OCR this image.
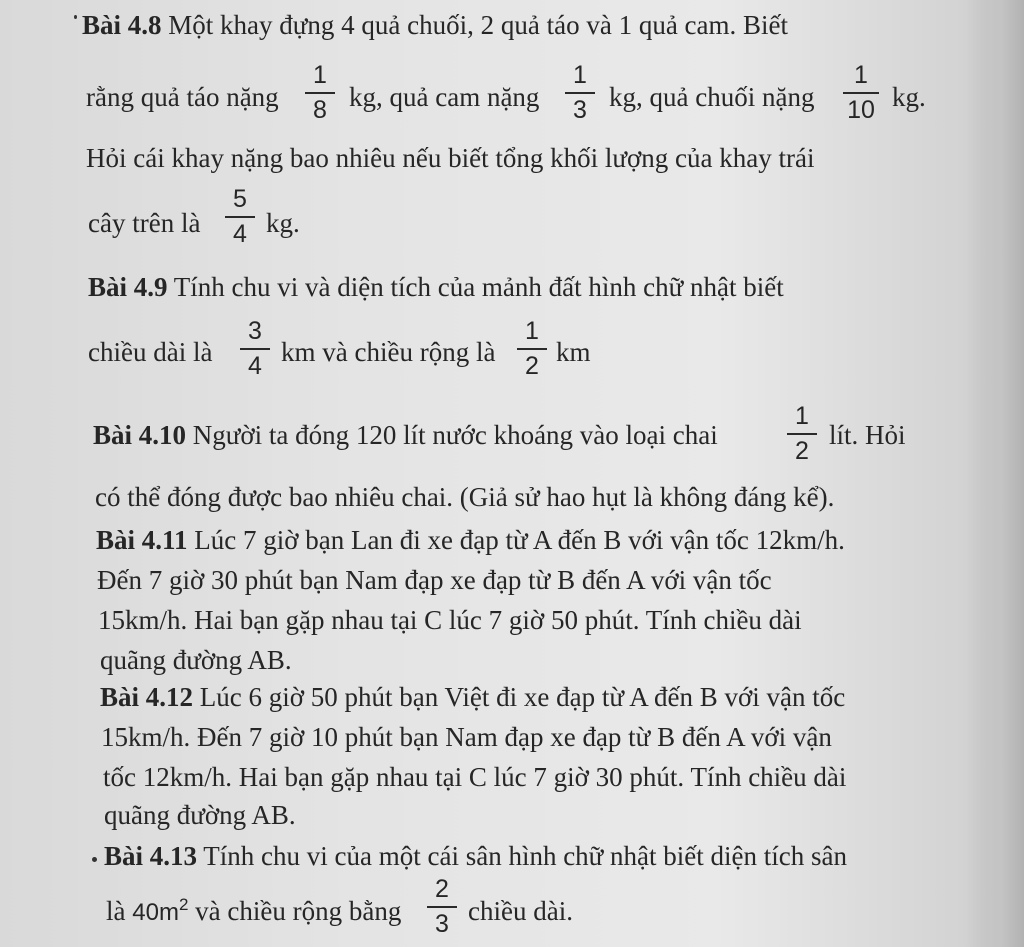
Bài 4.8 Một khay đựng 4 quả chuối, 2 quả táo và 1 quả cam. Biết
rằng quả táo nặng
1
8 kg, quả cam nặng
1
3 kg, quả chuối nặng
1
10 kg.
Hỏi cái khay nặng bao nhiêu nếu biết tổng khối lượng của khay trái
cây trên là
5
4 kg.
Bài 4.9 Tính chu vi và diện tích của mảnh đất hình chữ nhật biết
chiều dài là
3
4 km và chiều rộng là
1
2 km
Bài 4.10 Người ta đóng 120 lít nước khoáng vào loại chai
1
2
lít. Hỏi
có thể đóng được bao nhiêu chai. (Giả sử hao hụt là không đáng kể).
Bài 4.11 Lúc 7 giờ bạn Lan đi xe đạp từ A đến B với vận tốc 12km/h.
Đến 7 giờ 30 phút bạn Nam đạp xe đạp từ B đến A với vận tốc
15km/h. Hai bạn gặp nhau tại C lúc 7 giờ 50 phút. Tính chiều dài
quãng đường AB.
Bài 4.12 Lúc 6 giờ 50 phút bạn Việt đi xe đạp từ A đến B với vận tốc
15km/h. Đến 7 giờ 10 phút bạn Nam đạp xe đạp từ B đến A với vận
tốc 12km/h. Hai bạn gặp nhau tại C lúc 7 giờ 30 phút. Tính chiều dài
quãng đường AB.
Bài 4.13 Tính chu vi của một cái sân hình chữ nhật biết diện tích sân
là $40m^2$ và chiều rộng bằng
2
3 chiều dài.
